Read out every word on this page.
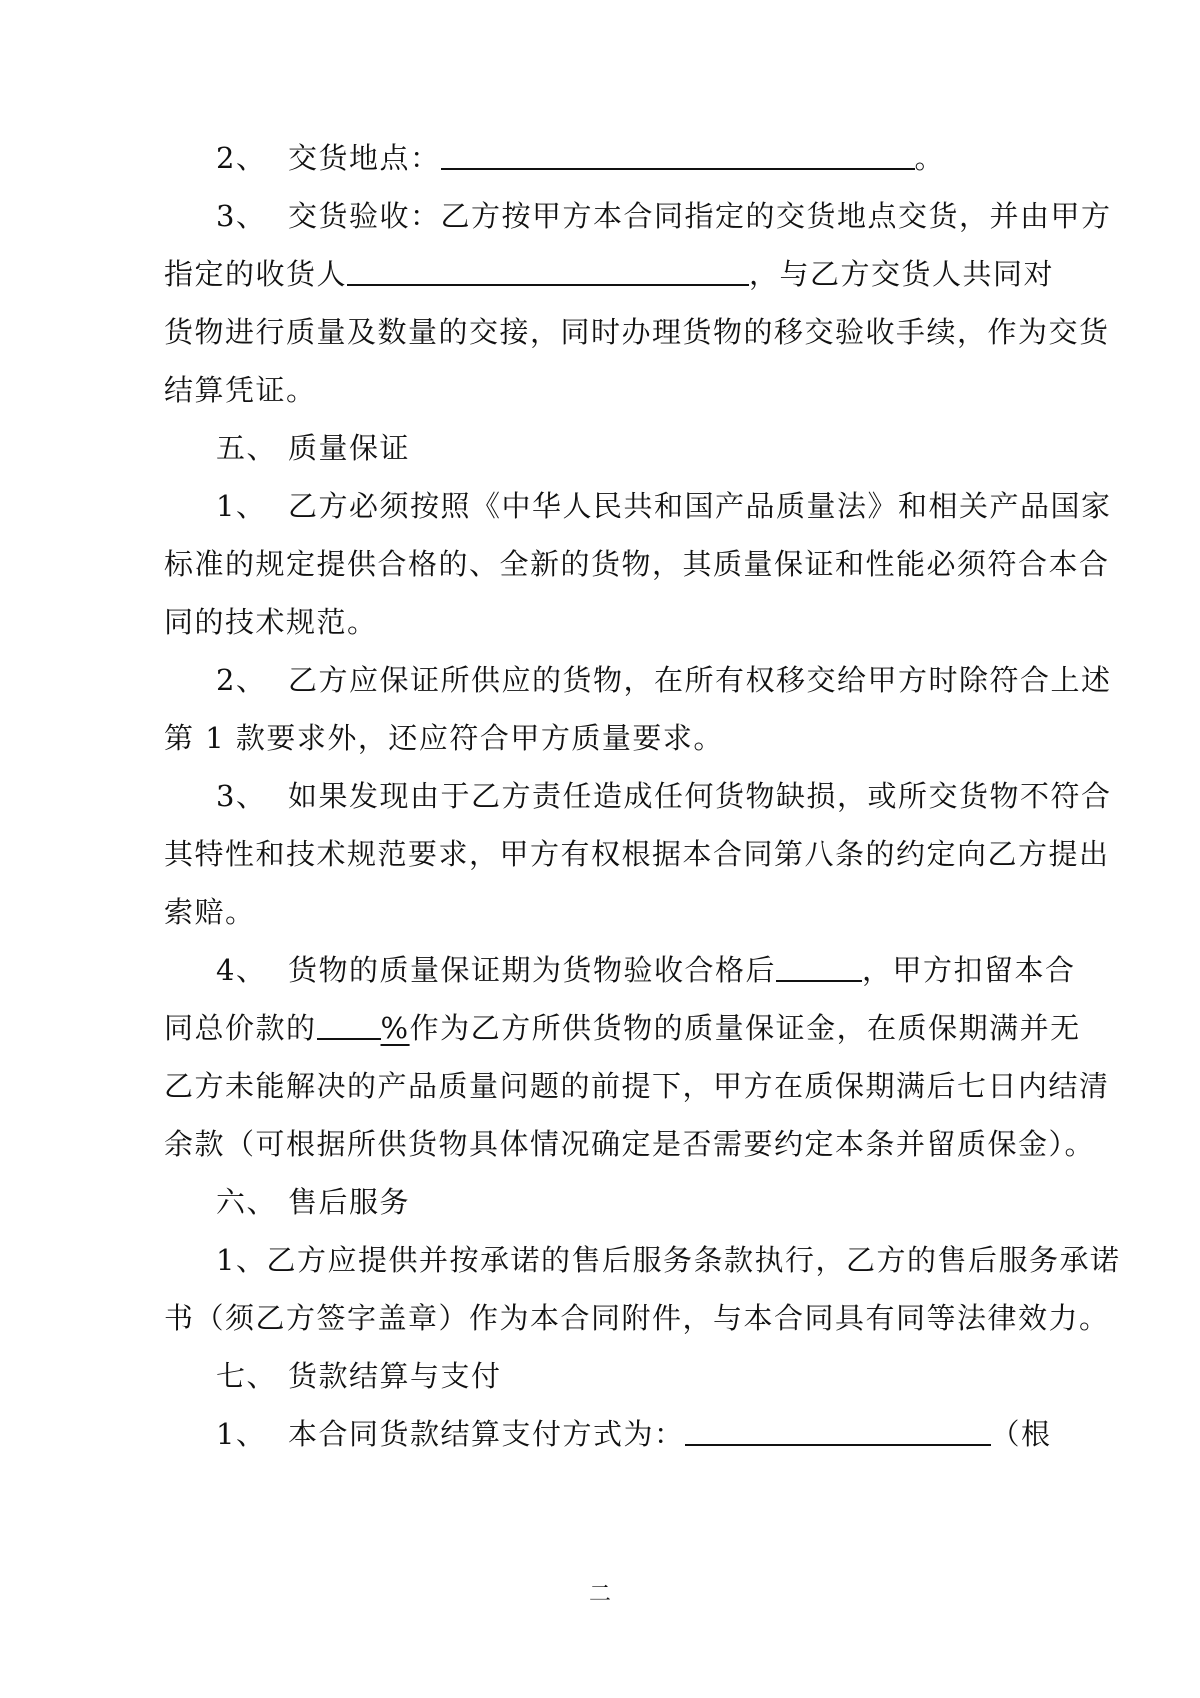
2、 交货地点：	。
3、 交货验收：乙方按甲方本合同指定的交货地点交货，并由甲方
指定的收货人	，与乙方交货人共同对
货物进行质量及数量的交接，同时办理货物的移交验收手续，作为交货
结算凭证。
五、 质量保证
1、 乙方必须按照《中华人民共和国产品质量法》和相关产品国家
标准的规定提供合格的、全新的货物，其质量保证和性能必须符合本合
同的技术规范。
2、 乙方应保证所供应的货物，在所有权移交给甲方时除符合上述
第 1 款要求外，还应符合甲方质量要求。
3、 如果发现由于乙方责任造成任何货物缺损，或所交货物不符合
其特性和技术规范要求，甲方有权根据本合同第八条的约定向乙方提出
索赔。
4、 货物的质量保证期为货物验收合格后	，甲方扣留本合
同总价款的 %作为乙方所供货物的质量保证金，在质保期满并无
乙方未能解决的产品质量问题的前提下，甲方在质保期满后七日内结清
余款（可根据所供货物具体情况确定是否需要约定本条并留质保金）。
六、 售后服务
1、乙方应提供并按承诺的售后服务条款执行，乙方的售后服务承诺
书（须乙方签字盖章）作为本合同附件，与本合同具有同等法律效力。
七、 货款结算与支付
1、 本合同货款结算支付方式为：	（根
二
